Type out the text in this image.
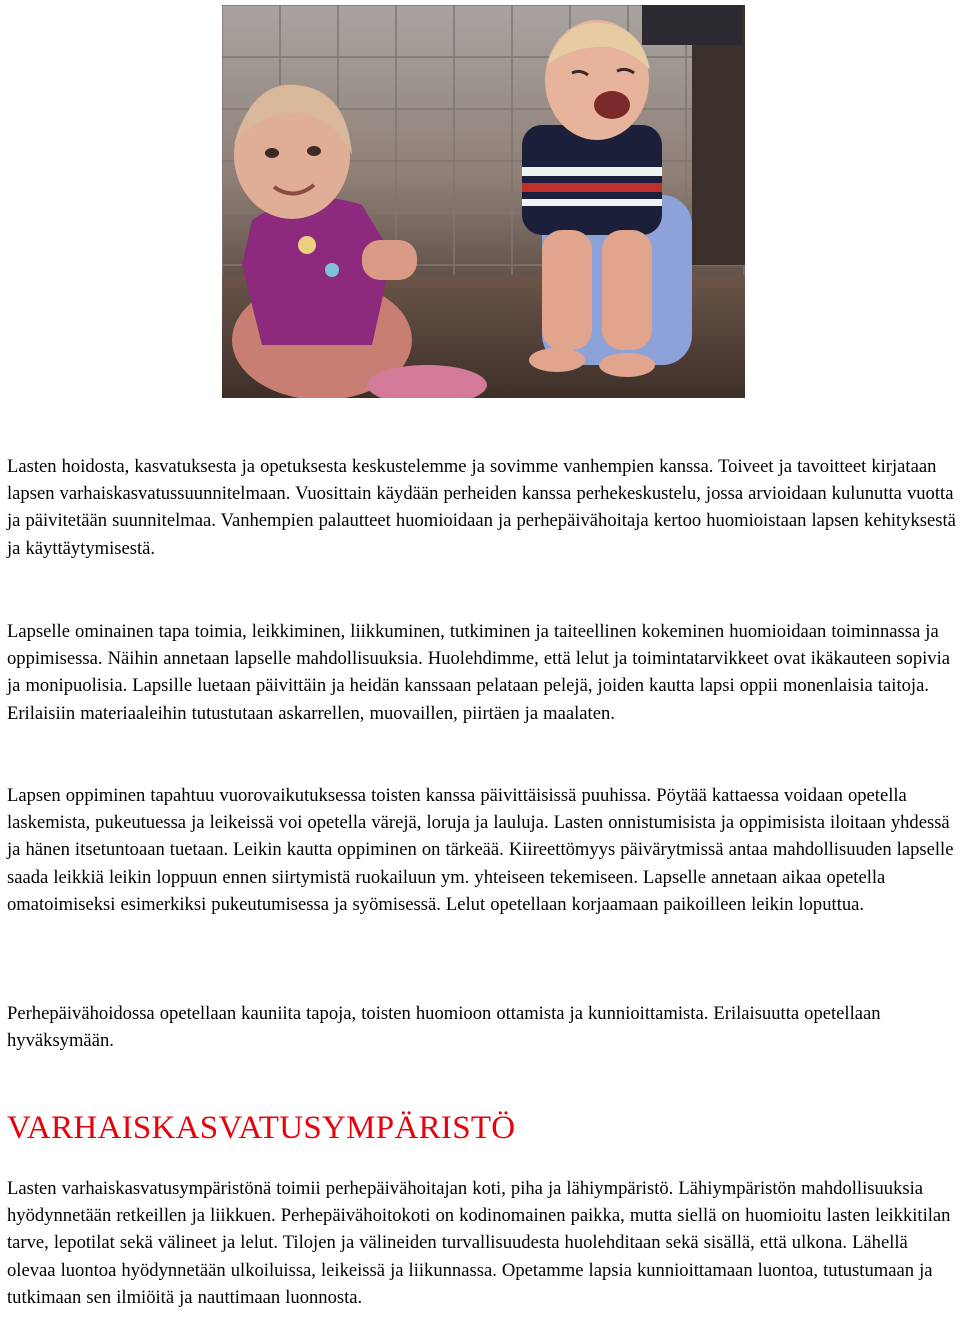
Lasten hoidosta, kasvatuksesta ja opetuksesta keskustelemme ja sovimme vanhempien kanssa. Toiveet ja tavoitteet kirjataan lapsen varhaiskasvatussuunnitelmaan. Vuosittain käydään perheiden kanssa perhekeskustelu, jossa arvioidaan kulunutta vuotta ja päivitetään suunnitelmaa. Vanhempien palautteet huomioidaan ja perhepäivähoitaja kertoo huomioistaan lapsen kehityksestä ja käyttäytymisestä.

Lapselle ominainen tapa toimia, leikkiminen, liikkuminen, tutkiminen ja taiteellinen kokeminen huomioidaan toiminnassa ja oppimisessa. Näihin annetaan lapselle mahdollisuuksia. Huolehdimme, että lelut ja toimintatarvikkeet ovat ikäkauteen sopivia ja monipuolisia. Lapsille luetaan päivittäin ja heidän kanssaan pelataan pelejä, joiden kautta lapsi oppii monenlaisia taitoja. Erilaisiin materiaaleihin tutustutaan askarrellen, muovaillen, piirtäen ja maalaten.

Lapsen oppiminen tapahtuu vuorovaikutuksessa toisten kanssa päivittäisissä puuhissa. Pöytää kattaessa voidaan opetella laskemista, pukeutuessa ja leikeissä voi opetella värejä, loruja ja lauluja. Lasten onnistumisista ja oppimisista iloitaan yhdessä ja hänen itsetuntoaan tuetaan. Leikin kautta oppiminen on tärkeää. Kiireettömyys päivärytmissä antaa mahdollisuuden lapselle saada leikkiä leikin loppuun ennen siirtymistä ruokailuun ym. yhteiseen tekemiseen. Lapselle annetaan aikaa opetella omatoimiseksi esimerkiksi pukeutumisessa ja syömisessä. Lelut opetellaan korjaamaan paikoilleen leikin loputtua.

Perhepäivähoidossa opetellaan kauniita tapoja, toisten huomioon ottamista ja kunnioittamista. Erilaisuutta opetellaan hyväksymään.

VARHAISKASVATUSYMPÄRISTÖ

Lasten varhaiskasvatusympäristönä toimii perhepäivähoitajan koti, piha ja lähiympäristö. Lähiympäristön mahdollisuuksia hyödynnetään retkeillen ja liikkuen. Perhepäivähoitokoti on kodinomainen paikka, mutta siellä on huomioitu lasten leikkitilan tarve, lepotilat sekä välineet ja lelut. Tilojen ja välineiden turvallisuudesta huolehditaan sekä sisällä, että ulkona. Lähellä olevaa luontoa hyödynnetään ulkoiluissa, leikeissä ja liikunnassa. Opetamme lapsia kunnioittamaan luontoa, tutustumaan ja tutkimaan sen ilmiöitä ja nauttimaan luonnosta.
